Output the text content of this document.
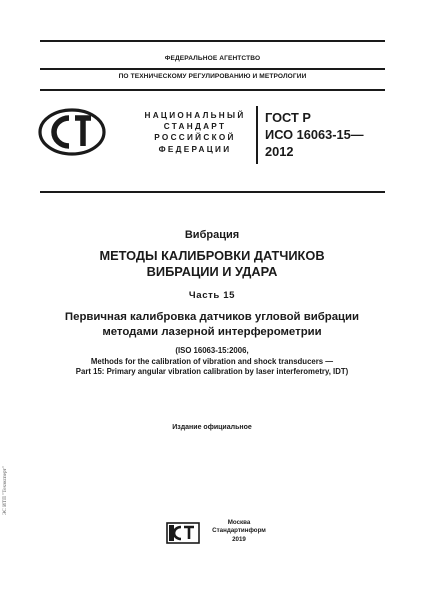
ФЕДЕРАЛЬНОЕ АГЕНТСТВО
ПО ТЕХНИЧЕСКОМУ РЕГУЛИРОВАНИЮ И МЕТРОЛОГИИ
НАЦИОНАЛЬНЫЙ
СТАНДАРТ
РОССИЙСКОЙ
ФЕДЕРАЦИИ
ГОСТ Р
ИСО 16063-15—
2012
Вибрация
МЕТОДЫ КАЛИБРОВКИ ДАТЧИКОВ
ВИБРАЦИИ И УДАРА
Часть 15
Первичная калибровка датчиков угловой вибрации
методами лазерной интерферометрии
(ISO 16063-15:2006,
Methods for the calibration of vibration and shock transducers —
Part 15: Primary angular vibration calibration by laser interferometry, IDT)
Издание официальное
Москва
Стандартинформ
2019
ЭС ИТП "Техэксперт"
